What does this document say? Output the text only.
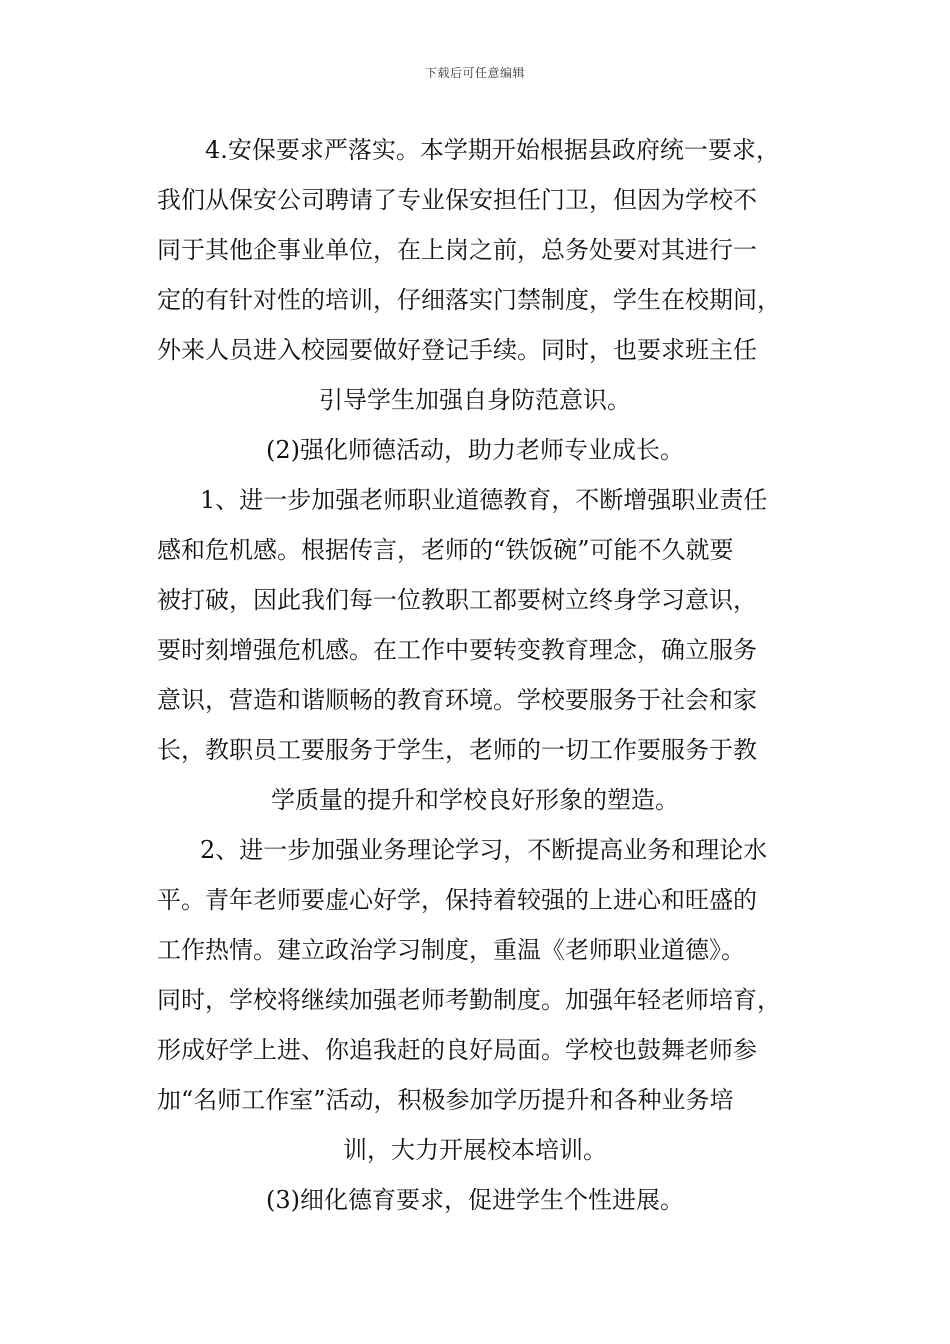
下载后可任意编辑
4.安保要求严落实。本学期开始根据县政府统一要求，
我们从保安公司聘请了专业保安担任门卫，但因为学校不
同于其他企事业单位，在上岗之前，总务处要对其进行一
定的有针对性的培训，仔细落实门禁制度，学生在校期间，
外来人员进入校园要做好登记手续。同时，也要求班主任
引导学生加强自身防范意识。
(2)强化师德活动，助力老师专业成长。
1、进一步加强老师职业道德教育，不断增强职业责任
感和危机感。根据传言，老师的“铁饭碗”可能不久就要
被打破，因此我们每一位教职工都要树立终身学习意识，
要时刻增强危机感。在工作中要转变教育理念，确立服务
意识，营造和谐顺畅的教育环境。学校要服务于社会和家
长，教职员工要服务于学生，老师的一切工作要服务于教
学质量的提升和学校良好形象的塑造。
2、进一步加强业务理论学习，不断提高业务和理论水
平。青年老师要虚心好学，保持着较强的上进心和旺盛的
工作热情。建立政治学习制度，重温《老师职业道德》。
同时，学校将继续加强老师考勤制度。加强年轻老师培育，
形成好学上进、你追我赶的良好局面。学校也鼓舞老师参
加“名师工作室”活动，积极参加学历提升和各种业务培
训，大力开展校本培训。
(3)细化德育要求，促进学生个性进展。
